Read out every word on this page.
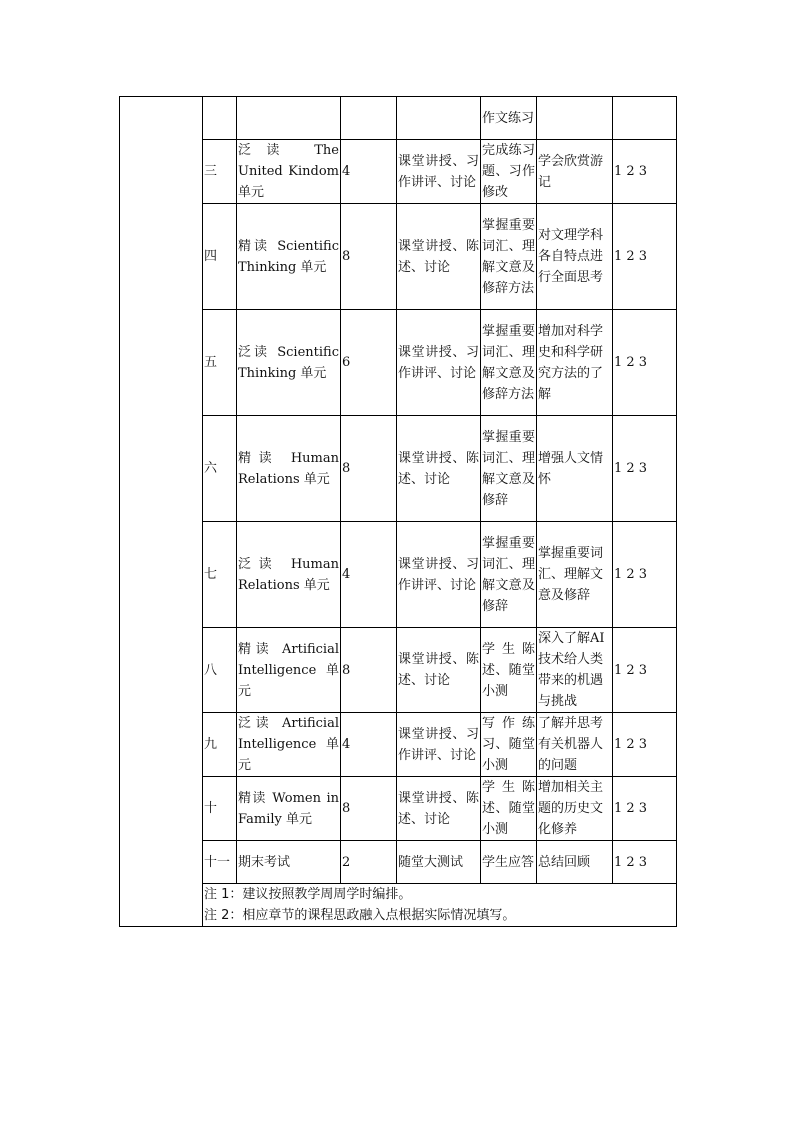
					作文练习		
	三	泛读 The United Kindom 单元	4	课堂讲授、习作讲评、讨论	完成练习题、习作修改	学会欣赏游记	1 2 3
	四	精读 Scientific Thinking 单元	8	课堂讲授、陈述、讨论	掌握重要词汇、理解文意及修辞方法	对文理学科各自特点进行全面思考	1 2 3
	五	泛读 Scientific Thinking 单元	6	课堂讲授、习作讲评、讨论	掌握重要词汇、理解文意及修辞方法	增加对科学史和科学研究方法的了解	1 2 3
	六	精读 Human Relations 单元	8	课堂讲授、陈述、讨论	掌握重要词汇、理解文意及修辞	增强人文情怀	1 2 3
	七	泛读 Human Relations 单元	4	课堂讲授、习作讲评、讨论	掌握重要词汇、理解文意及修辞	掌握重要词汇、理解文意及修辞	1 2 3
	八	精读 Artificial Intelligence 单元	8	课堂讲授、陈述、讨论	学生陈述、随堂小测	深入了解AI技术给人类带来的机遇与挑战	1 2 3
	九	泛读 Artificial Intelligence 单元	4	课堂讲授、习作讲评、讨论	写作练习、随堂小测	了解并思考有关机器人的问题	1 2 3
	十	精读 Women in Family 单元	8	课堂讲授、陈述、讨论	学生陈述、随堂小测	增加相关主题的历史文化修养	1 2 3
	十一	期末考试	2	随堂大测试	学生应答	总结回顾	1 2 3

	注 1：建议按照教学周周学时编排。
注 2：相应章节的课程思政融入点根据实际情况填写。						
